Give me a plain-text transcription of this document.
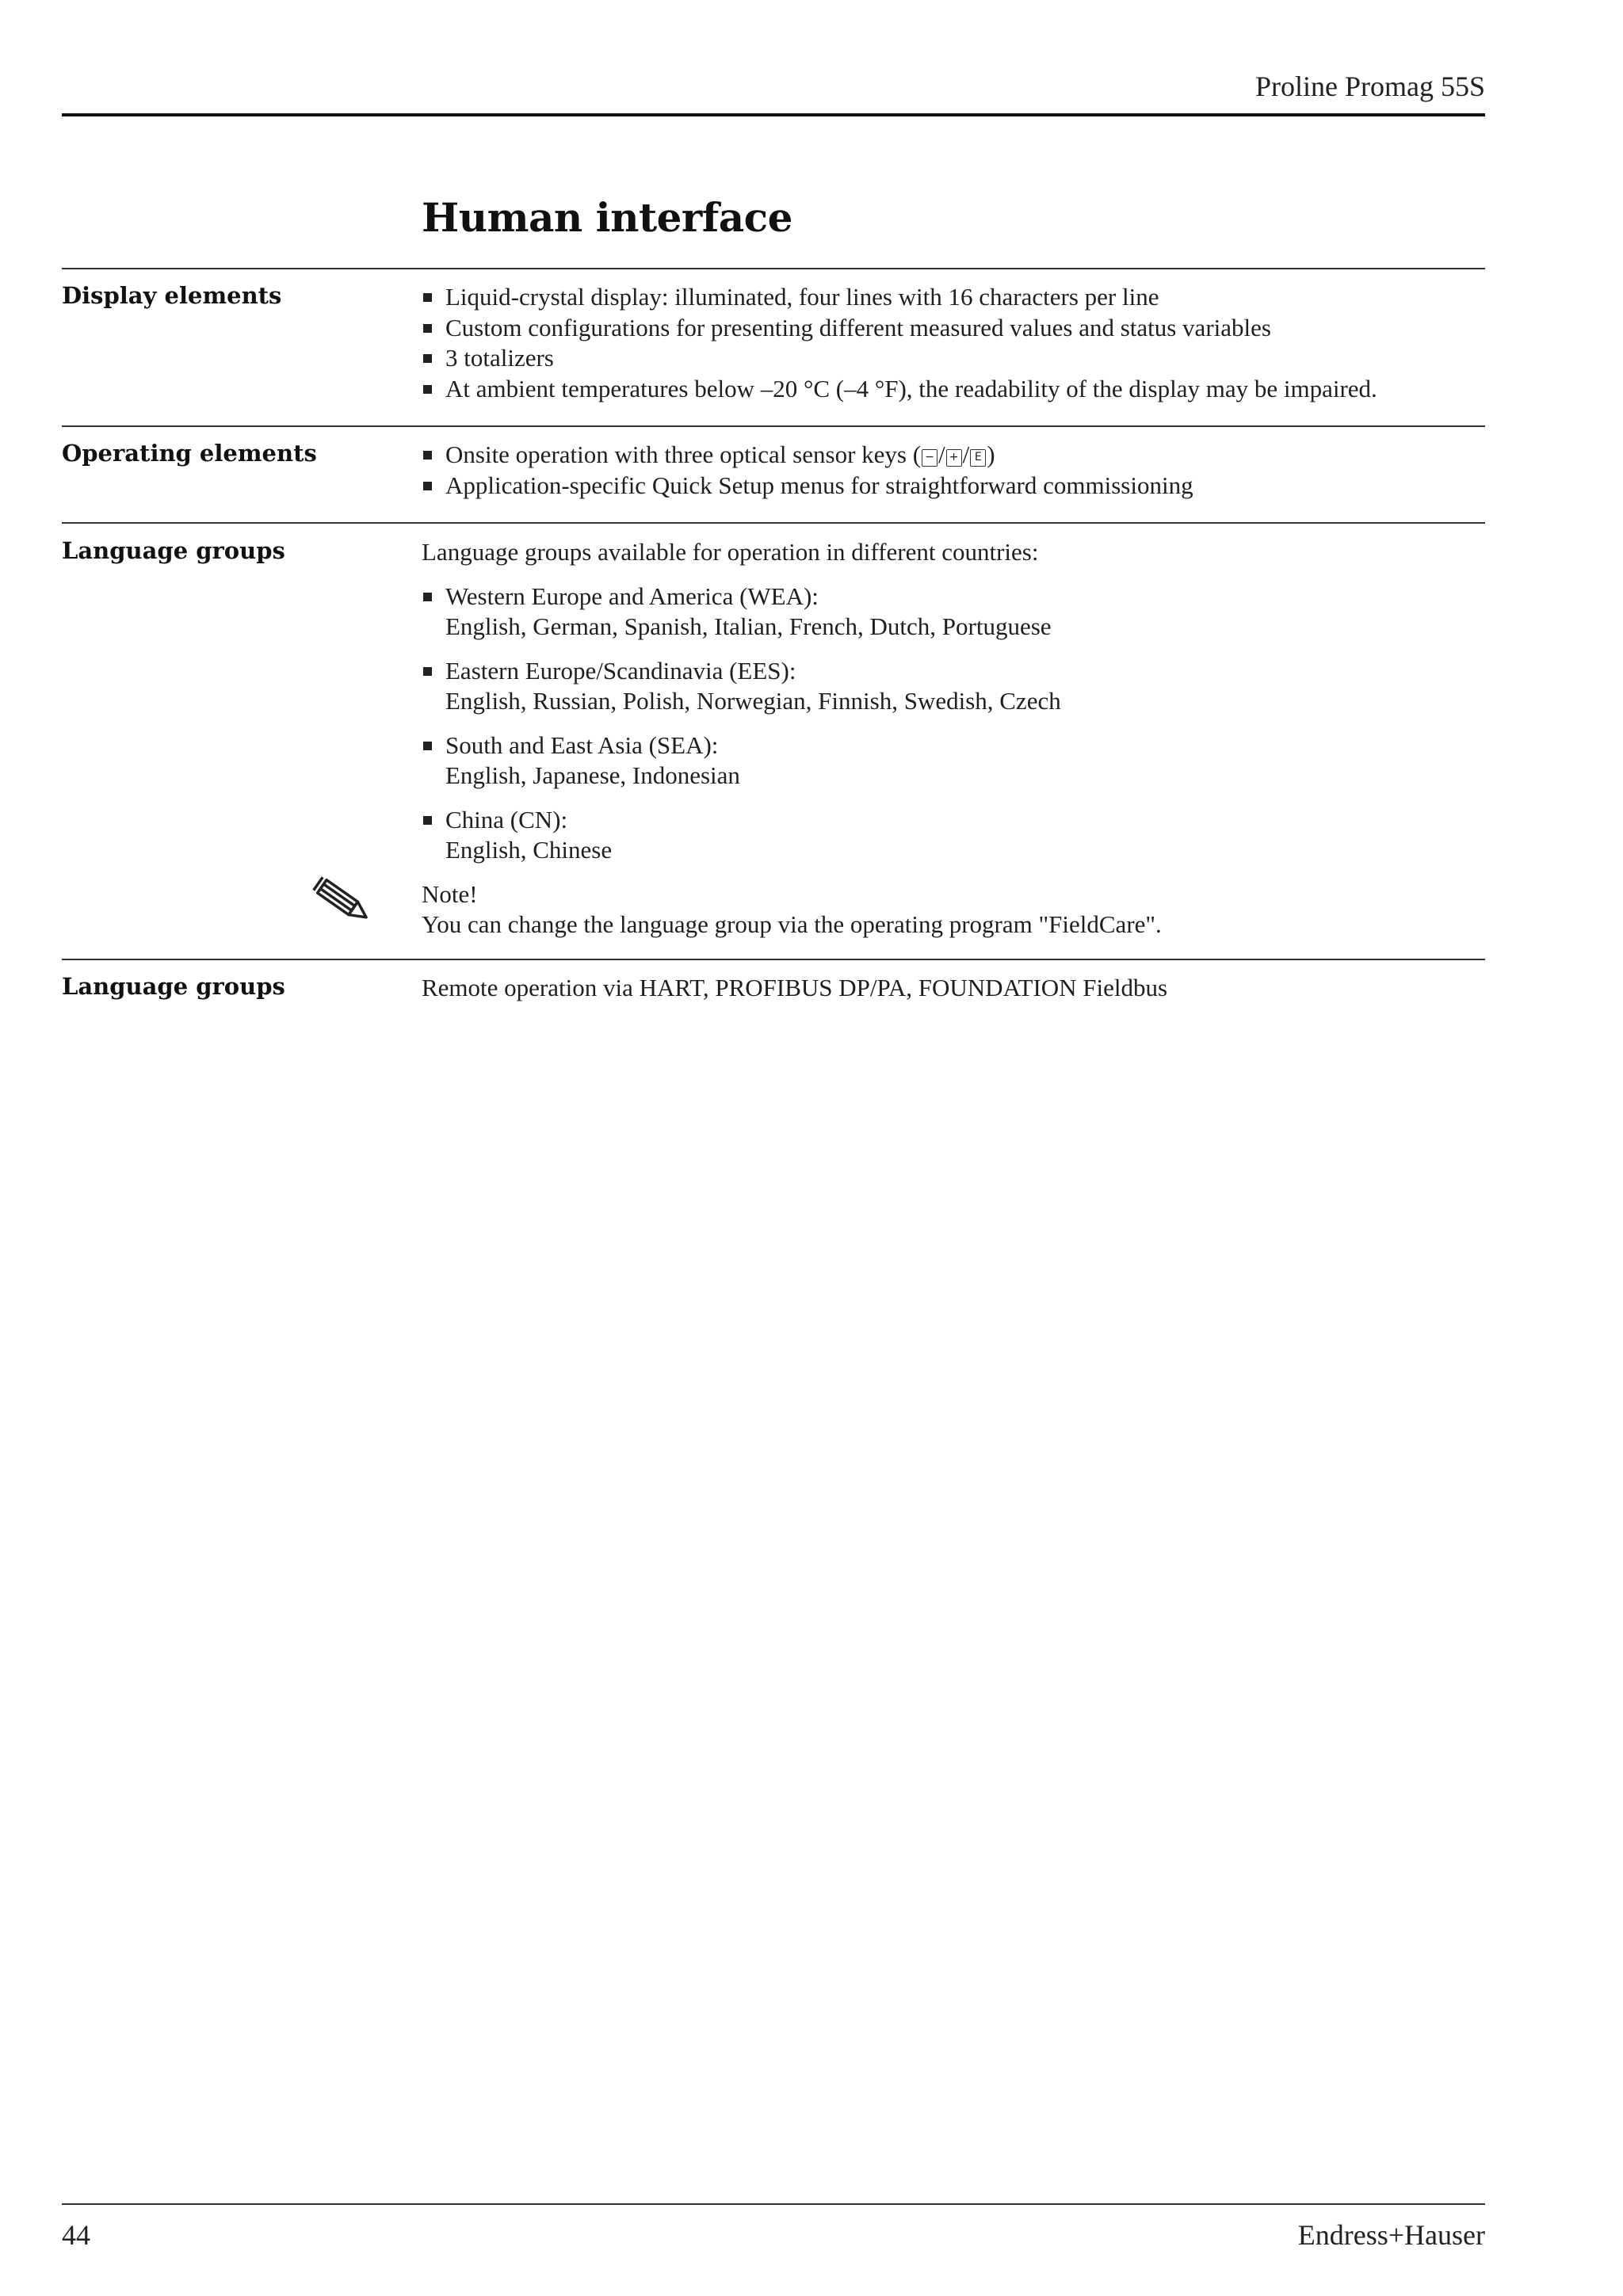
Proline Promag 55S
Human interface
Display elements	Liquid-crystal display: illuminated, four lines with 16 characters per line
Custom configurations for presenting different measured values and status variables
3 totalizers
At ambient temperatures below –20 °C (–4 °F), the readability of the display may be impaired.
Operating elements	Onsite operation with three optical sensor keys ( − / + / E )
Application-specific Quick Setup menus for straightforward commissioning
Language groups	Language groups available for operation in different countries:

Western Europe and America (WEA):
English, German, Spanish, Italian, French, Dutch, Portuguese
Eastern Europe/Scandinavia (EES):
English, Russian, Polish, Norwegian, Finnish, Swedish, Czech
South and East Asia (SEA):
English, Japanese, Indonesian
China (CN):
English, Chinese
Note!
You can change the language group via the operating program "FieldCare".
Language groups	Remote operation via HART, PROFIBUS DP/PA, FOUNDATION Fieldbus
44	Endress+Hauser
